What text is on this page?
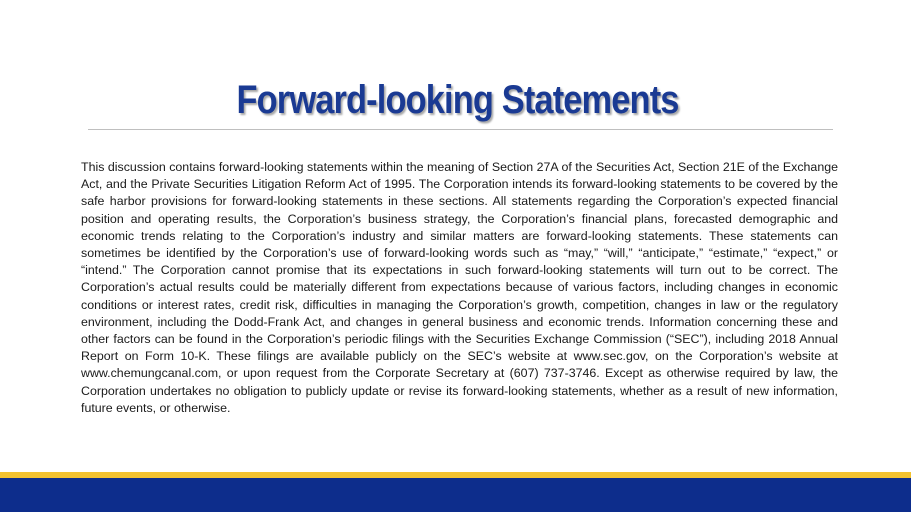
Forward-looking Statements

This discussion contains forward-looking statements within the meaning of Section 27A of the Securities Act, Section 21E of the Exchange Act, and the Private Securities Litigation Reform Act of 1995. The Corporation intends its forward-looking statements to be covered by the safe harbor provisions for forward-looking statements in these sections. All statements regarding the Corporation’s expected financial position and operating results, the Corporation’s business strategy, the Corporation’s financial plans, forecasted demographic and economic trends relating to the Corporation’s industry and similar matters are forward-looking statements. These statements can sometimes be identified by the Corporation’s use of forward-looking words such as “may,” “will,” “anticipate,” “estimate,” “expect,” or “intend.” The Corporation cannot promise that its expectations in such forward-looking statements will turn out to be correct. The Corporation’s actual results could be materially different from expectations because of various factors, including changes in economic conditions or interest rates, credit risk, difficulties in managing the Corporation’s growth, competition, changes in law or the regulatory environment, including the Dodd-Frank Act, and changes in general business and economic trends. Information concerning these and other factors can be found in the Corporation’s periodic filings with the Securities Exchange Commission (“SEC”), including 2018 Annual Report on Form 10-K. These filings are available publicly on the SEC’s website at www.sec.gov, on the Corporation’s website at www.chemungcanal.com, or upon request from the Corporate Secretary at (607) 737-3746. Except as otherwise required by law, the Corporation undertakes no obligation to publicly update or revise its forward-looking statements, whether as a result of new information, future events, or otherwise.
